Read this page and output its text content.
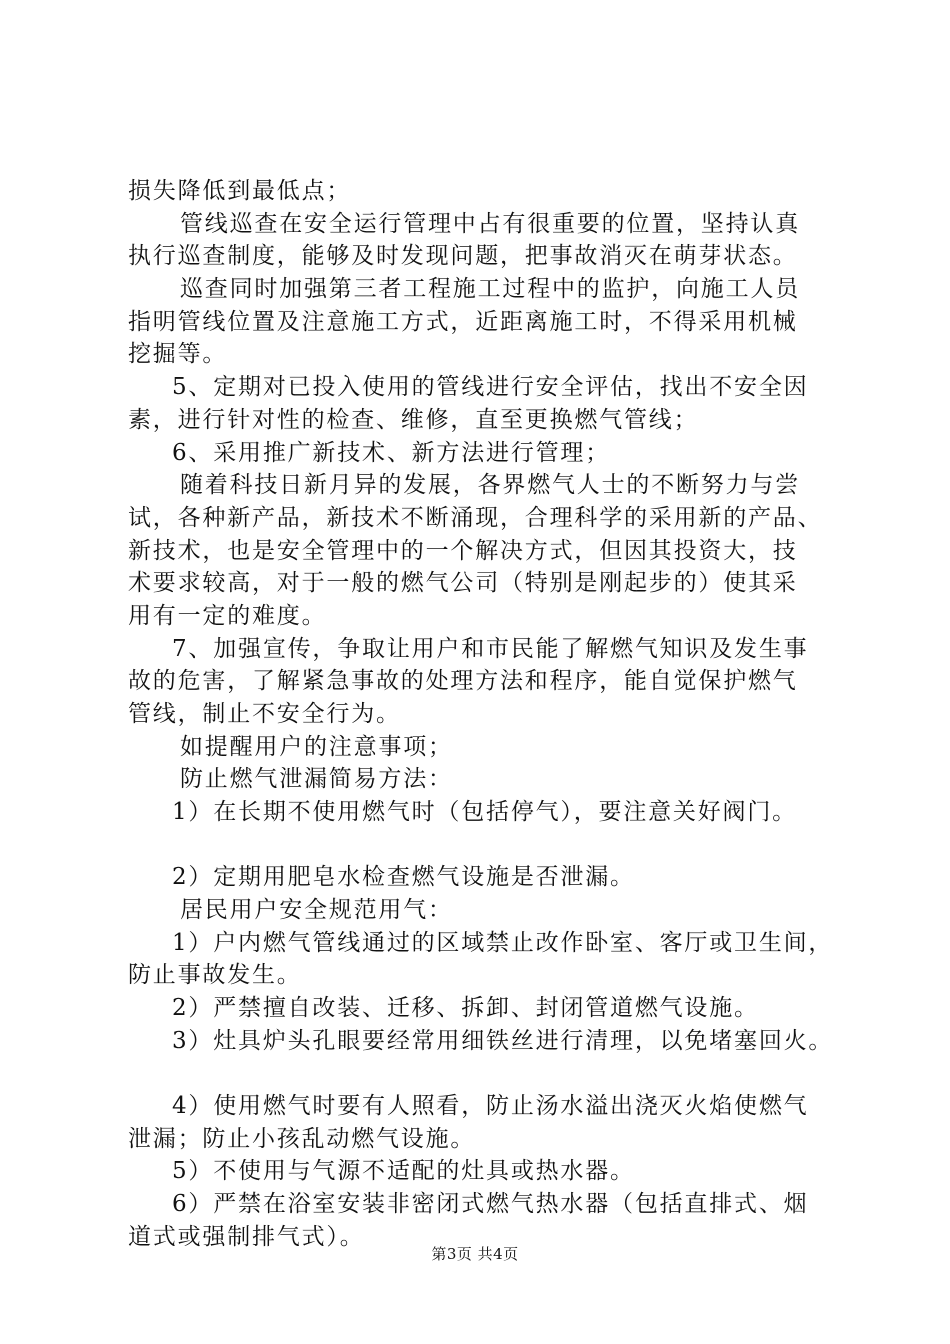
损失降低到最低点；
管线巡查在安全运行管理中占有很重要的位置，坚持认真
执行巡查制度，能够及时发现问题，把事故消灭在萌芽状态。
巡查同时加强第三者工程施工过程中的监护，向施工人员
指明管线位置及注意施工方式，近距离施工时，不得采用机械
挖掘等。
5、定期对已投入使用的管线进行安全评估，找出不安全因
素，进行针对性的检查、维修，直至更换燃气管线；
6、采用推广新技术、新方法进行管理；
随着科技日新月异的发展，各界燃气人士的不断努力与尝
试，各种新产品，新技术不断涌现，合理科学的采用新的产品、
新技术，也是安全管理中的一个解决方式，但因其投资大，技
术要求较高，对于一般的燃气公司（特别是刚起步的）使其采
用有一定的难度。
7、加强宣传，争取让用户和市民能了解燃气知识及发生事
故的危害，了解紧急事故的处理方法和程序，能自觉保护燃气
管线，制止不安全行为。
如提醒用户的注意事项；
防止燃气泄漏简易方法：
1）在长期不使用燃气时（包括停气），要注意关好阀门。
2）定期用肥皂水检查燃气设施是否泄漏。
居民用户安全规范用气：
1）户内燃气管线通过的区域禁止改作卧室、客厅或卫生间，
防止事故发生。
2）严禁擅自改装、迁移、拆卸、封闭管道燃气设施。
3）灶具炉头孔眼要经常用细铁丝进行清理，以免堵塞回火。
4）使用燃气时要有人照看，防止汤水溢出浇灭火焰使燃气
泄漏；防止小孩乱动燃气设施。
5）不使用与气源不适配的灶具或热水器。
6）严禁在浴室安装非密闭式燃气热水器（包括直排式、烟
道式或强制排气式）。
第3页 共4页
